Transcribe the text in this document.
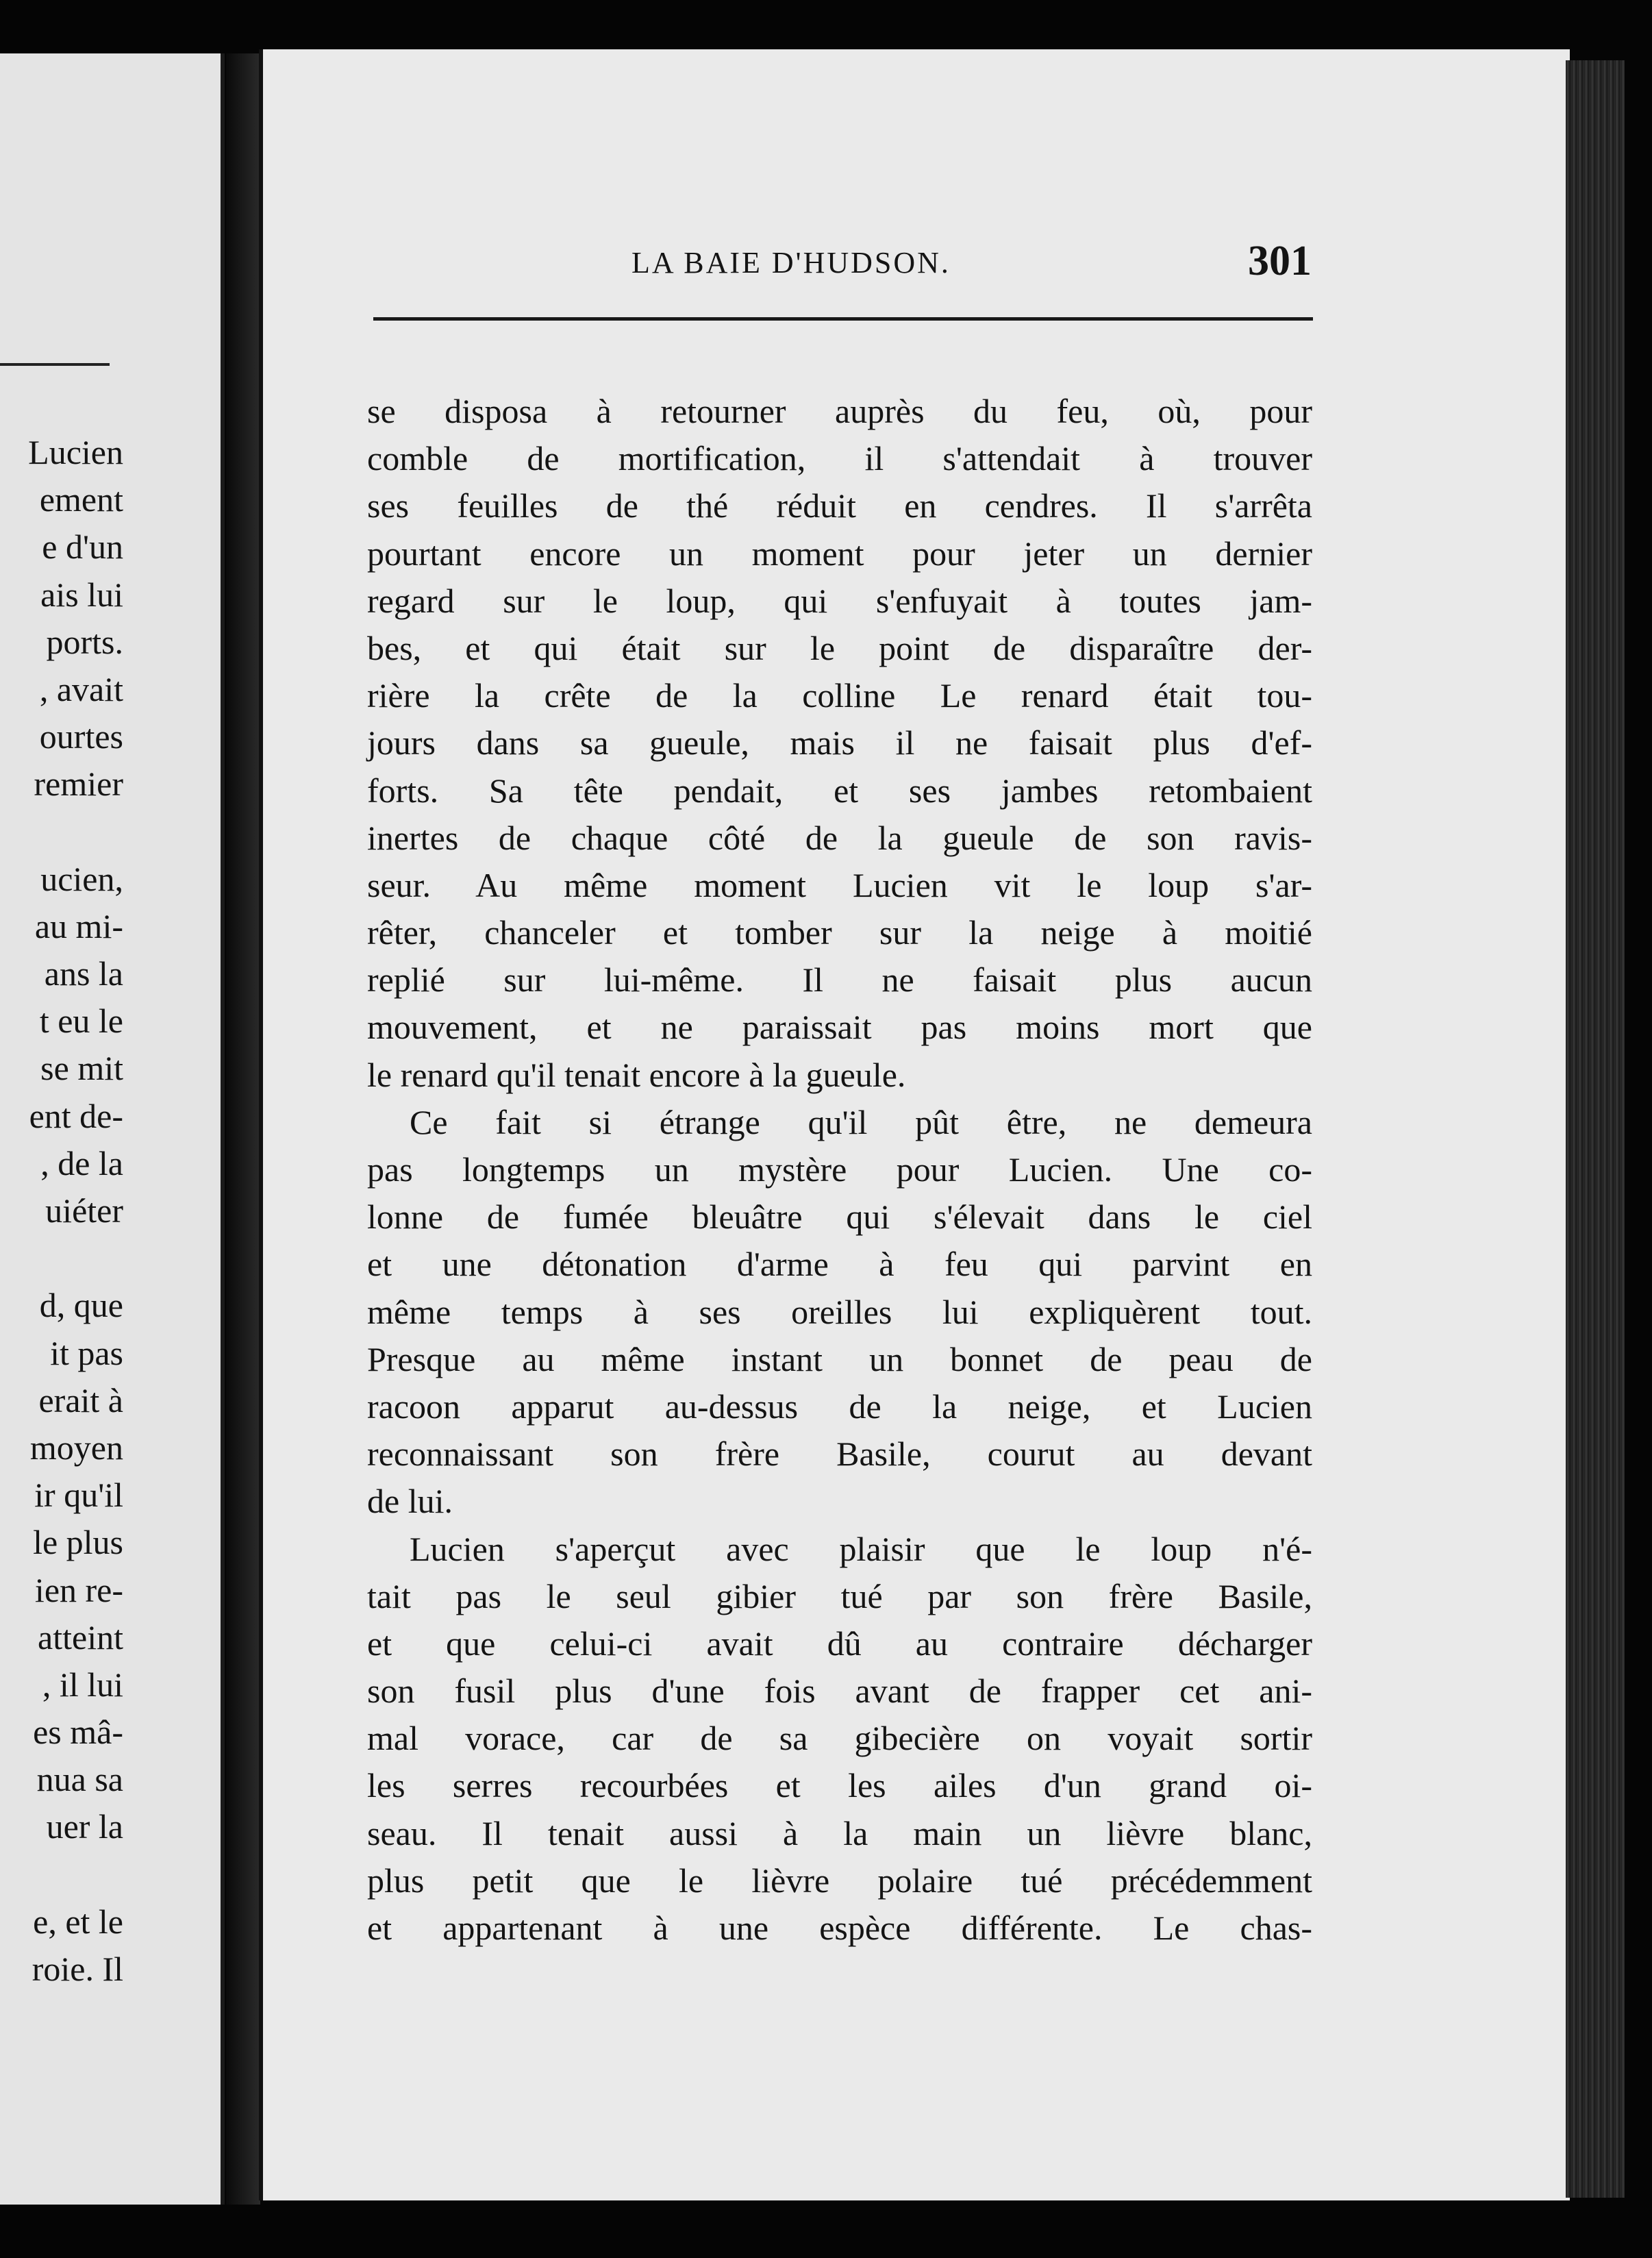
Lucien
ement
e d'un
ais lui
ports.
, avait
ourtes
remier
ucien,
au mi-
ans la
t eu le
se mit
ent de-
, de la
uiéter
d, que
it pas
erait à
moyen
ir qu'il
le plus
ien re-
atteint
, il lui
es mâ-
nua sa
uer la
e, et le
roie. Il
LA BAIE D'HUDSON.	301
se disposa à retourner auprès du feu, où, pour
comble de mortification, il s'attendait à trouver
ses feuilles de thé réduit en cendres. Il s'arrêta
pourtant encore un moment pour jeter un dernier
regard sur le loup, qui s'enfuyait à toutes jam-
bes, et qui était sur le point de disparaître der-
rière la crête de la colline Le renard était tou-
jours dans sa gueule, mais il ne faisait plus d'ef-
forts. Sa tête pendait, et ses jambes retombaient
inertes de chaque côté de la gueule de son ravis-
seur. Au même moment Lucien vit le loup s'ar-
rêter, chanceler et tomber sur la neige à moitié
replié sur lui-même. Il ne faisait plus aucun
mouvement, et ne paraissait pas moins mort que
le renard qu'il tenait encore à la gueule.
Ce fait si étrange qu'il pût être, ne demeura
pas longtemps un mystère pour Lucien. Une co-
lonne de fumée bleuâtre qui s'élevait dans le ciel
et une détonation d'arme à feu qui parvint en
même temps à ses oreilles lui expliquèrent tout.
Presque au même instant un bonnet de peau de
racoon apparut au-dessus de la neige, et Lucien
reconnaissant son frère Basile, courut au devant
de lui.
Lucien s'aperçut avec plaisir que le loup n'é-
tait pas le seul gibier tué par son frère Basile,
et que celui-ci avait dû au contraire décharger
son fusil plus d'une fois avant de frapper cet ani-
mal vorace, car de sa gibecière on voyait sortir
les serres recourbées et les ailes d'un grand oi-
seau. Il tenait aussi à la main un lièvre blanc,
plus petit que le lièvre polaire tué précédemment
et appartenant à une espèce différente. Le chas-
